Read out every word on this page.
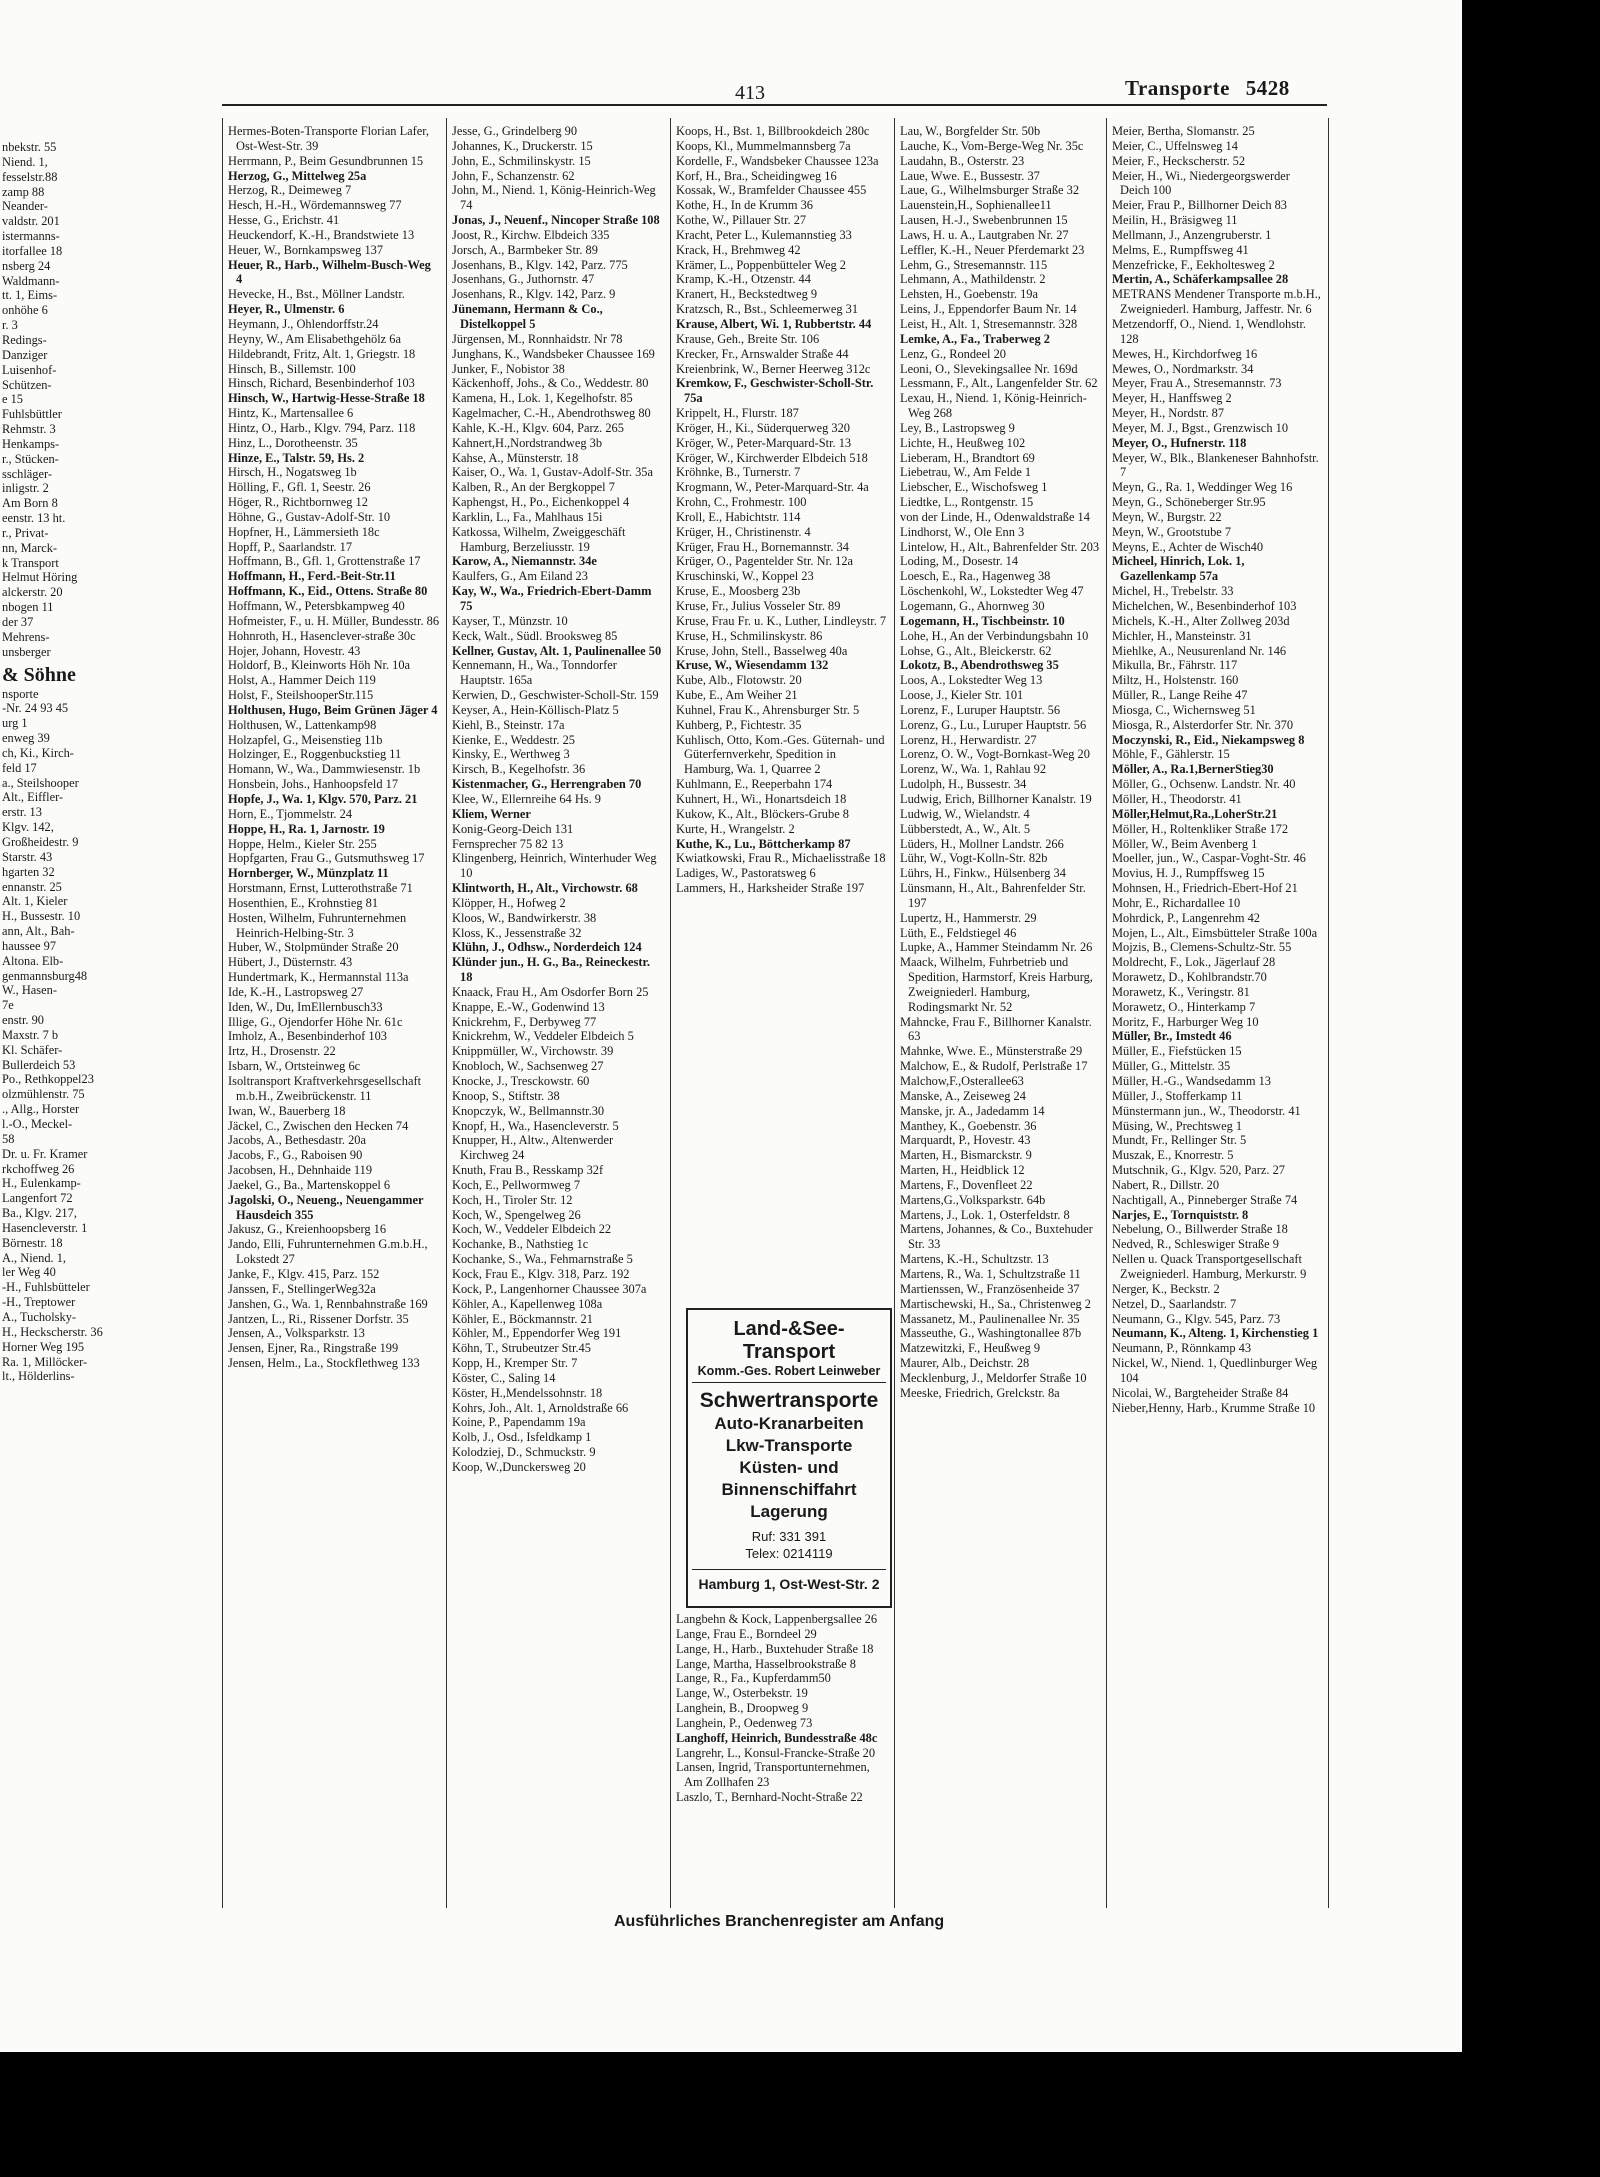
nbekstr. 55
Niend. 1,
fesselstr.88
zamp 88
Neander-
valdstr. 201
istermanns-
itorfallee 18
nsberg 24
Waldmann-
tt. 1, Eims-
onhöhe 6
r. 3
Redings-
Danziger
Luisenhof-
Schützen-
e 15
Fuhlsbüttler
Rehmstr. 3
Henkamps-
r., Stücken-
sschläger-
inligstr. 2
Am Born 8
eenstr. 13 ht.
r., Privat-
nn, Marck-
k Transport
Helmut Höring
alckerstr. 20
nbogen 11
der 37
Mehrens-
unsberger
& Söhne
nsporte
-Nr. 24 93 45
urg 1
enweg 39
ch, Ki., Kirch-
feld 17
a., Steilshooper
Alt., Eiffler-
erstr. 13
Klgv. 142,
Großheidestr. 9
Starstr. 43
hgarten 32
ennanstr. 25
Alt. 1, Kieler
H., Bussestr. 10
ann, Alt., Bah-
haussee 97
Altona. Elb-
genmannsburg48
W., Hasen-
7e
enstr. 90
Maxstr. 7 b
Kl. Schäfer-
Bullerdeich 53
Po., Rethkoppel23
olzmühlenstr. 75
., Allg., Horster
l.-O., Meckel-
58
Dr. u. Fr. Kramer
rkchoffweg 26
H., Eulenkamp-
Langenfort 72
Ba., Klgv. 217,
Hasencleverstr. 1
Börnestr. 18
A., Niend. 1,
ler Weg 40
-H., Fuhlsbütteler
-H., Treptower
A., Tucholsky-
H., Heckscherstr. 36
Horner Weg 195
Ra. 1, Millöcker-
lt., Hölderlins-
413	Transporte 5428
Hermes-Boten-Transporte Florian Lafer, Ost-West-Str. 39
Herrmann, P., Beim Gesundbrunnen 15
Herzog, G., Mittelweg 25a
Herzog, R., Deimeweg 7
Hesch, H.-H., Wördemannsweg 77
Hesse, G., Erichstr. 41
Heuckendorf, K.-H., Brandstwiete 13
Heuer, W., Bornkampsweg 137
Heuer, R., Harb., Wilhelm-Busch-Weg 4
Hevecke, H., Bst., Möllner Landstr.
Heyer, R., Ulmenstr. 6
Heymann, J., Ohlendorffstr.24
Heyny, W., Am Elisabethgehölz 6a
Hildebrandt, Fritz, Alt. 1, Griegstr. 18
Hinsch, B., Sillemstr. 100
Hinsch, Richard, Besenbinderhof 103
Hinsch, W., Hartwig-Hesse-Straße 18
Hintz, K., Martensallee 6
Hintz, O., Harb., Klgv. 794, Parz. 118
Hinz, L., Dorotheenstr. 35
Hinze, E., Talstr. 59, Hs. 2
Hirsch, H., Nogatsweg 1b
Hölling, F., Gfl. 1, Seestr. 26
Höger, R., Richtbornweg 12
Höhne, G., Gustav-Adolf-Str. 10
Hopfner, H., Lämmersieth 18c
Hopff, P., Saarlandstr. 17
Hoffmann, B., Gfl. 1, Grottenstraße 17
Hoffmann, H., Ferd.-Beit-Str.11
Hoffmann, K., Eid., Ottens. Straße 80
Hoffmann, W., Petersbkampweg 40
Hofmeister, F., u. H. Müller, Bundesstr. 86
Hohnroth, H., Hasenclever-straße 30c
Hojer, Johann, Hovestr. 43
Holdorf, B., Kleinworts Höh Nr. 10a
Holst, A., Hammer Deich 119
Holst, F., SteilshooperStr.115
Holthusen, Hugo, Beim Grünen Jäger 4
Holthusen, W., Lattenkamp98
Holzapfel, G., Meisenstieg 11b
Holzinger, E., Roggenbuckstieg 11
Homann, W., Wa., Dammwiesenstr. 1b
Honsbein, Johs., Hanhoopsfeld 17
Hopfe, J., Wa. 1, Klgv. 570, Parz. 21
Horn, E., Tjommelstr. 24
Hoppe, H., Ra. 1, Jarnostr. 19
Hoppe, Helm., Kieler Str. 255
Hopfgarten, Frau G., Gutsmuthsweg 17
Hornberger, W., Münzplatz 11
Horstmann, Ernst, Lutterothstraße 71
Hosenthien, E., Krohnstieg 81
Hosten, Wilhelm, Fuhrunternehmen Heinrich-Helbing-Str. 3
Huber, W., Stolpmünder Straße 20
Hübert, J., Düsternstr. 43
Hundertmark, K., Hermannstal 113a
Ide, K.-H., Lastropsweg 27
Iden, W., Du, ImEllernbusch33
Illige, G., Ojendorfer Höhe Nr. 61c
Imholz, A., Besenbinderhof 103
Irtz, H., Drosenstr. 22
Isbarn, W., Ortsteinweg 6c
Isoltransport Kraftverkehrsgesellschaft m.b.H., Zweibrückenstr. 11
Iwan, W., Bauerberg 18
Jäckel, C., Zwischen den Hecken 74
Jacobs, A., Bethesdastr. 20a
Jacobs, F., G., Raboisen 90
Jacobsen, H., Dehnhaide 119
Jaekel, G., Ba., Martenskoppel 6
Jagolski, O., Neueng., Neuengammer Hausdeich 355
Jakusz, G., Kreienhoopsberg 16
Jando, Elli, Fuhrunternehmen G.m.b.H., Lokstedt 27
Janke, F., Klgv. 415, Parz. 152
Janssen, F., StellingerWeg32a
Janshen, G., Wa. 1, Rennbahnstraße 169
Jantzen, L., Ri., Rissener Dorfstr. 35
Jensen, A., Volksparkstr. 13
Jensen, Ejner, Ra., Ringstraße 199
Jensen, Helm., La., Stockflethweg 133
Jesse, G., Grindelberg 90
Johannes, K., Druckerstr. 15
John, E., Schmilinskystr. 15
John, F., Schanzenstr. 62
John, M., Niend. 1, König-Heinrich-Weg 74
Jonas, J., Neuenf., Nincoper Straße 108
Joost, R., Kirchw. Elbdeich 335
Jorsch, A., Barmbeker Str. 89
Josenhans, B., Klgv. 142, Parz. 775
Josenhans, G., Juthornstr. 47
Josenhans, R., Klgv. 142, Parz. 9
Jünemann, Hermann & Co., Distelkoppel 5
Jürgensen, M., Ronnhaidstr. Nr 78
Junghans, K., Wandsbeker Chaussee 169
Junker, F., Nobistor 38
Käckenhoff, Johs., & Co., Weddestr. 80
Kamena, H., Lok. 1, Kegelhofstr. 85
Kagelmacher, C.-H., Abendrothsweg 80
Kahle, K.-H., Klgv. 604, Parz. 265
Kahnert,H.,Nordstrandweg 3b
Kahse, A., Münsterstr. 18
Kaiser, O., Wa. 1, Gustav-Adolf-Str. 35a
Kalben, R., An der Bergkoppel 7
Kaphengst, H., Po., Eichenkoppel 4
Karklin, L., Fa., Mahlhaus 15i
Katkossa, Wilhelm, Zweiggeschäft Hamburg, Berzeliusstr. 19
Karow, A., Niemannstr. 34e
Kaulfers, G., Am Eiland 23
Kay, W., Wa., Friedrich-Ebert-Damm 75
Kayser, T., Münzstr. 10
Keck, Walt., Südl. Brooksweg 85
Kellner, Gustav, Alt. 1, Paulinenallee 50
Kennemann, H., Wa., Tonndorfer Hauptstr. 165a
Kerwien, D., Geschwister-Scholl-Str. 159
Keyser, A., Hein-Köllisch-Platz 5
Kiehl, B., Steinstr. 17a
Kienke, E., Weddestr. 25
Kinsky, E., Werthweg 3
Kirsch, B., Kegelhofstr. 36
Kistenmacher, G., Herrengraben 70
Klee, W., Ellernreihe 64 Hs. 9
Kliem, Werner
Konig-Georg-Deich 131
Fernsprecher 75 82 13
Klingenberg, Heinrich, Winterhuder Weg 10
Klintworth, H., Alt., Virchowstr. 68
Klöpper, H., Hofweg 2
Kloos, W., Bandwirkerstr. 38
Kloss, K., Jessenstraße 32
Klühn, J., Odhsw., Norderdeich 124
Klünder jun., H. G., Ba., Reineckestr. 18
Knaack, Frau H., Am Osdorfer Born 25
Knappe, E.-W., Godenwind 13
Knickrehm, F., Derbyweg 77
Knickrehm, W., Veddeler Elbdeich 5
Knippmüller, W., Virchowstr. 39
Knobloch, W., Sachsenweg 27
Knocke, J., Tresckowstr. 60
Knoop, S., Stiftstr. 38
Knopczyk, W., Bellmannstr.30
Knopf, H., Wa., Hasencleverstr. 5
Knupper, H., Altw., Altenwerder Kirchweg 24
Knuth, Frau B., Resskamp 32f
Koch, E., Pellwormweg 7
Koch, H., Tiroler Str. 12
Koch, W., Spengelweg 26
Koch, W., Veddeler Elbdeich 22
Kochanke, B., Nathstieg 1c
Kochanke, S., Wa., Fehmarnstraße 5
Kock, Frau E., Klgv. 318, Parz. 192
Kock, P., Langenhorner Chaussee 307a
Köhler, A., Kapellenweg 108a
Köhler, E., Böckmannstr. 21
Köhler, M., Eppendorfer Weg 191
Köhn, T., Strubeutzer Str.45
Kopp, H., Kremper Str. 7
Köster, C., Saling 14
Köster, H.,Mendelssohnstr. 18
Kohrs, Joh., Alt. 1, Arnoldstraße 66
Koine, P., Papendamm 19a
Kolb, J., Osd., Isfeldkamp 1
Kolodziej, D., Schmuckstr. 9
Koop, W.,Dunckersweg 20
Koops, H., Bst. 1, Billbrookdeich 280c
Koops, Kl., Mummelmannsberg 7a
Kordelle, F., Wandsbeker Chaussee 123a
Korf, H., Bra., Scheidingweg 16
Kossak, W., Bramfelder Chaussee 455
Kothe, H., In de Krumm 36
Kothe, W., Pillauer Str. 27
Kracht, Peter L., Kulemannstieg 33
Krack, H., Brehmweg 42
Krämer, L., Poppenbütteler Weg 2
Kramp, K.-H., Otzenstr. 44
Kranert, H., Beckstedtweg 9
Kratzsch, R., Bst., Schleemerweg 31
Krause, Albert, Wi. 1, Rubbertstr. 44
Krause, Geh., Breite Str. 106
Krecker, Fr., Arnswalder Straße 44
Kreienbrink, W., Berner Heerweg 312c
Kremkow, F., Geschwister-Scholl-Str. 75a
Krippelt, H., Flurstr. 187
Kröger, H., Ki., Süderquerweg 320
Kröger, W., Peter-Marquard-Str. 13
Kröger, W., Kirchwerder Elbdeich 518
Kröhnke, B., Turnerstr. 7
Krogmann, W., Peter-Marquard-Str. 4a
Krohn, C., Frohmestr. 100
Kroll, E., Habichtstr. 114
Krüger, H., Christinenstr. 4
Krüger, Frau H., Bornemannstr. 34
Krüger, O., Pagentelder Str. Nr. 12a
Kruschinski, W., Koppel 23
Kruse, E., Moosberg 23b
Kruse, Fr., Julius Vosseler Str. 89
Kruse, Frau Fr. u. K., Luther, Lindleystr. 7
Kruse, H., Schmilinskystr. 86
Kruse, John, Stell., Basselweg 40a
Kruse, W., Wiesendamm 132
Kube, Alb., Flotowstr. 20
Kube, E., Am Weiher 21
Kuhnel, Frau K., Ahrensburger Str. 5
Kuhberg, P., Fichtestr. 35
Kuhlisch, Otto, Kom.-Ges. Güternah- und Güterfernverkehr, Spedition in Hamburg, Wa. 1, Quarree 2
Kuhlmann, E., Reeperbahn 174
Kuhnert, H., Wi., Honartsdeich 18
Kukow, K., Alt., Blöckers-Grube 8
Kurte, H., Wrangelstr. 2
Kuthe, K., Lu., Böttcherkamp 87
Kwiatkowski, Frau R., Michaelisstraße 18
Ladiges, W., Pastoratsweg 6
Lammers, H., Harksheider Straße 197
Langbehn & Kock, Lappenbergsallee 26
Lange, Frau E., Borndeel 29
Lange, H., Harb., Buxtehuder Straße 18
Lange, Martha, Hasselbrookstraße 8
Lange, R., Fa., Kupferdamm50
Lange, W., Osterbekstr. 19
Langhein, B., Droopweg 9
Langhein, P., Oedenweg 73
Langhoff, Heinrich, Bundesstraße 48c
Langrehr, L., Konsul-Francke-Straße 20
Lansen, Ingrid, Transportunternehmen, Am Zollhafen 23
Laszlo, T., Bernhard-Nocht-Straße 22
Lau, W., Borgfelder Str. 50b
Lauche, K., Vom-Berge-Weg Nr. 35c
Laudahn, B., Osterstr. 23
Laue, Wwe. E., Bussestr. 37
Laue, G., Wilhelmsburger Straße 32
Lauenstein,H., Sophienallee11
Lausen, H.-J., Swebenbrunnen 15
Laws, H. u. A., Lautgraben Nr. 27
Leffler, K.-H., Neuer Pferdemarkt 23
Lehm, G., Stresemannstr. 115
Lehmann, A., Mathildenstr. 2
Lehsten, H., Goebenstr. 19a
Leins, J., Eppendorfer Baum Nr. 14
Leist, H., Alt. 1, Stresemannstr. 328
Lemke, A., Fa., Traberweg 2
Lenz, G., Rondeel 20
Leoni, O., Slevekingsallee Nr. 169d
Lessmann, F., Alt., Langenfelder Str. 62
Lexau, H., Niend. 1, König-Heinrich-Weg 268
Ley, B., Lastropsweg 9
Lichte, H., Heußweg 102
Lieberam, H., Brandtort 69
Liebetrau, W., Am Felde 1
Liebscher, E., Wischofsweg 1
Liedtke, L., Rontgenstr. 15
von der Linde, H., Odenwaldstraße 14
Lindhorst, W., Ole Enn 3
Lintelow, H., Alt., Bahrenfelder Str. 203
Loding, M., Dosestr. 14
Loesch, E., Ra., Hagenweg 38
Löschenkohl, W., Lokstedter Weg 47
Logemann, G., Ahornweg 30
Logemann, H., Tischbeinstr. 10
Lohe, H., An der Verbindungsbahn 10
Lohse, G., Alt., Bleickerstr. 62
Lokotz, B., Abendrothsweg 35
Loos, A., Lokstedter Weg 13
Loose, J., Kieler Str. 101
Lorenz, F., Luruper Hauptstr. 56
Lorenz, G., Lu., Luruper Hauptstr. 56
Lorenz, H., Herwardistr. 27
Lorenz, O. W., Vogt-Bornkast-Weg 20
Lorenz, W., Wa. 1, Rahlau 92
Ludolph, H., Bussestr. 34
Ludwig, Erich, Billhorner Kanalstr. 19
Ludwig, W., Wielandstr. 4
Lübberstedt, A., W., Alt. 5
Lüders, H., Mollner Landstr. 266
Lühr, W., Vogt-Kolln-Str. 82b
Lührs, H., Finkw., Hülsenberg 34
Lünsmann, H., Alt., Bahrenfelder Str. 197
Lupertz, H., Hammerstr. 29
Lüth, E., Feldstiegel 46
Lupke, A., Hammer Steindamm Nr. 26
Maack, Wilhelm, Fuhrbetrieb und Spedition, Harmstorf, Kreis Harburg, Zweigniederl. Hamburg, Rodingsmarkt Nr. 52
Mahncke, Frau F., Billhorner Kanalstr. 63
Mahnke, Wwe. E., Münsterstraße 29
Malchow, E., & Rudolf, Perlstraße 17
Malchow,F.,Osterallee63
Manske, A., Zeiseweg 24
Manske, jr. A., Jadedamm 14
Manthey, K., Goebenstr. 36
Marquardt, P., Hovestr. 43
Marten, H., Bismarckstr. 9
Marten, H., Heidblick 12
Martens, F., Dovenfleet 22
Martens,G.,Volksparkstr. 64b
Martens, J., Lok. 1, Osterfeldstr. 8
Martens, Johannes, & Co., Buxtehuder Str. 33
Martens, K.-H., Schultzstr. 13
Martens, R., Wa. 1, Schultzstraße 11
Martienssen, W., Französenheide 37
Martischewski, H., Sa., Christenweg 2
Massanetz, M., Paulinenallee Nr. 35
Masseuthe, G., Washingtonallee 87b
Matzewitzki, F., Heußweg 9
Maurer, Alb., Deichstr. 28
Mecklenburg, J., Meldorfer Straße 10
Meeske, Friedrich, Grelckstr. 8a
Meier, Bertha, Slomanstr. 25
Meier, C., Uffelnsweg 14
Meier, F., Heckscherstr. 52
Meier, H., Wi., Niedergeorgswerder Deich 100
Meier, Frau P., Billhorner Deich 83
Meilin, H., Bräsigweg 11
Mellmann, J., Anzengruberstr. 1
Melms, E., Rumpffsweg 41
Menzefricke, F., Eekholtesweg 2
Mertin, A., Schäferkampsallee 28
METRANS Mendener Transporte m.b.H., Zweigniederl. Hamburg, Jaffestr. Nr. 6
Metzendorff, O., Niend. 1, Wendlohstr. 128
Mewes, H., Kirchdorfweg 16
Mewes, O., Nordmarkstr. 34
Meyer, Frau A., Stresemannstr. 73
Meyer, H., Hanffsweg 2
Meyer, H., Nordstr. 87
Meyer, M. J., Bgst., Grenzwisch 10
Meyer, O., Hufnerstr. 118
Meyer, W., Blk., Blankeneser Bahnhofstr. 7
Meyn, G., Ra. 1, Weddinger Weg 16
Meyn, G., Schöneberger Str.95
Meyn, W., Burgstr. 22
Meyn, W., Grootstube 7
Meyns, E., Achter de Wisch40
Micheel, Hinrich, Lok. 1, Gazellenkamp 57a
Michel, H., Trebelstr. 33
Michelchen, W., Besenbinderhof 103
Michels, K.-H., Alter Zollweg 203d
Michler, H., Mansteinstr. 31
Miehlke, A., Neusurenland Nr. 146
Mikulla, Br., Fährstr. 117
Miltz, H., Holstenstr. 160
Müller, R., Lange Reihe 47
Miosga, C., Wichernsweg 51
Miosga, R., Alsterdorfer Str. Nr. 370
Moczynski, R., Eid., Niekampsweg 8
Möhle, F., Gählerstr. 15
Möller, A., Ra.1,BernerStieg30
Möller, G., Ochsenw. Landstr. Nr. 40
Möller, H., Theodorstr. 41
Möller,Helmut,Ra.,LoherStr.21
Möller, H., Roltenkliker Straße 172
Möller, W., Beim Avenberg 1
Moeller, jun., W., Caspar-Voght-Str. 46
Movius, H. J., Rumpffsweg 15
Mohnsen, H., Friedrich-Ebert-Hof 21
Mohr, E., Richardallee 10
Mohrdick, P., Langenrehm 42
Mojen, L., Alt., Eimsbütteler Straße 100a
Mojzis, B., Clemens-Schultz-Str. 55
Moldrecht, F., Lok., Jägerlauf 28
Morawetz, D., Kohlbrandstr.70
Morawetz, K., Veringstr. 81
Morawetz, O., Hinterkamp 7
Moritz, F., Harburger Weg 10
Müller, Br., Imstedt 46
Müller, E., Fiefstücken 15
Müller, G., Mittelstr. 35
Müller, H.-G., Wandsedamm 13
Müller, J., Stofferkamp 11
Münstermann jun., W., Theodorstr. 41
Müsing, W., Prechtsweg 1
Mundt, Fr., Rellinger Str. 5
Muszak, E., Knorrestr. 5
Mutschnik, G., Klgv. 520, Parz. 27
Nabert, R., Dillstr. 20
Nachtigall, A., Pinneberger Straße 74
Narjes, E., Tornquiststr. 8
Nebelung, O., Billwerder Straße 18
Nedved, R., Schleswiger Straße 9
Nellen u. Quack Transportgesellschaft Zweigniederl. Hamburg, Merkurstr. 9
Nerger, K., Beckstr. 2
Netzel, D., Saarlandstr. 7
Neumann, G., Klgv. 545, Parz. 73
Neumann, K., Alteng. 1, Kirchenstieg 1
Neumann, P., Rönnkamp 43
Nickel, W., Niend. 1, Quedlinburger Weg 104
Nicolai, W., Bargteheider Straße 84
Nieber,Henny, Harb., Krumme Straße 10
Land-&See-Transport
Komm.-Ges. Robert Leinweber
Schwertransporte
Auto-Kranarbeiten
Lkw-Transporte
Küsten- und
Binnenschiffahrt
Lagerung
Ruf: 331 391
Telex: 0214119
Hamburg 1, Ost-West-Str. 2
Ausführliches Branchenregister am Anfang
